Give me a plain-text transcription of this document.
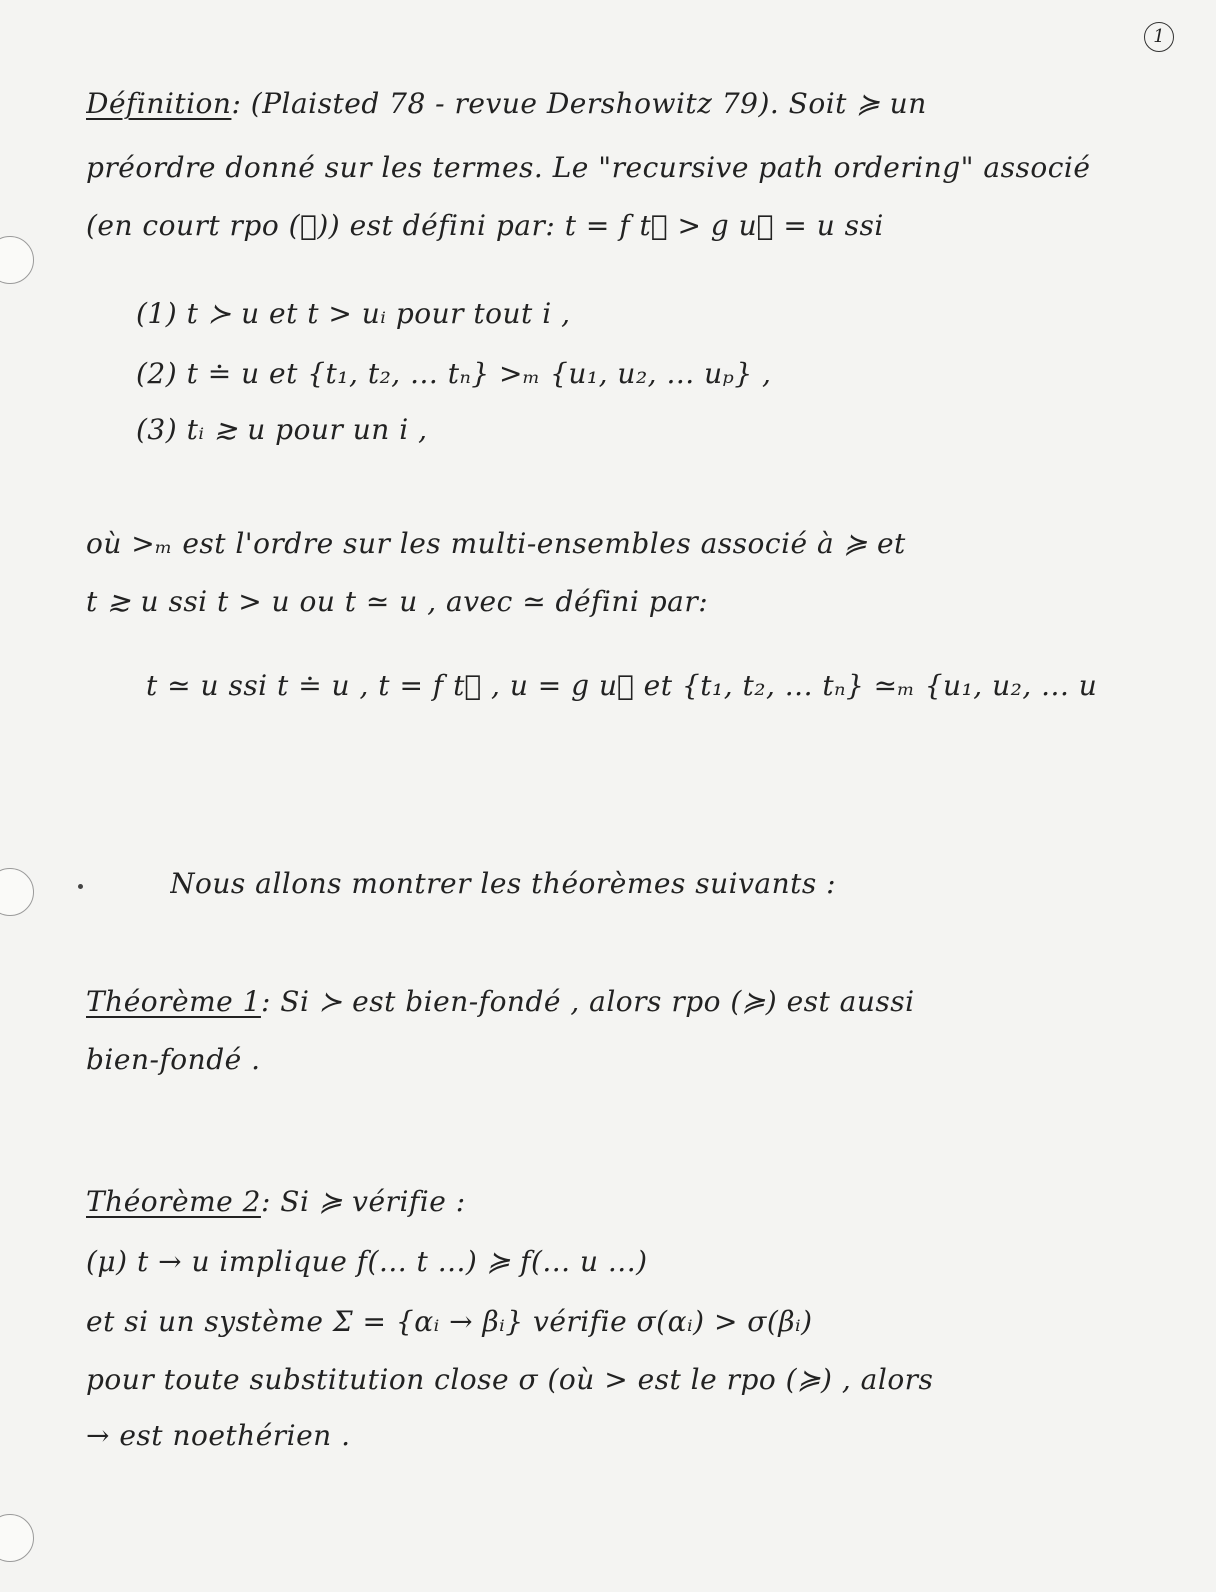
1
Définition: (Plaisted 78 - revue Dershowitz 79). Soit ≽ un
préordre donné sur les termes. Le "recursive path ordering" associé
(en court rpo (≽)) est défini par: t = f t⃗ > g u⃗ = u ssi
(1) t ≻ u et t > uᵢ pour tout i ,
(2) t ≐ u et {t₁, t₂, ... tₙ} >ₘ {u₁, u₂, ... uₚ} ,
(3) tᵢ ≳ u pour un i ,
où >ₘ est l'ordre sur les multi-ensembles associé à ≽ et
t ≳ u ssi t > u ou t ≃ u , avec ≃ défini par:
t ≃ u ssi t ≐ u , t = f t⃗ , u = g u⃗ et {t₁, t₂, ... tₙ} ≃ₘ {u₁, u₂, ... u
Nous allons montrer les théorèmes suivants :
Théorème 1: Si ≻ est bien-fondé , alors rpo (≽) est aussi
bien-fondé .
Théorème 2: Si ≽ vérifie :
(μ) t → u implique f(... t ...) ≽ f(... u ...)
et si un système Σ = {αᵢ → βᵢ} vérifie σ(αᵢ) > σ(βᵢ)
pour toute substitution close σ (où > est le rpo (≽) , alors
→ est noethérien .
